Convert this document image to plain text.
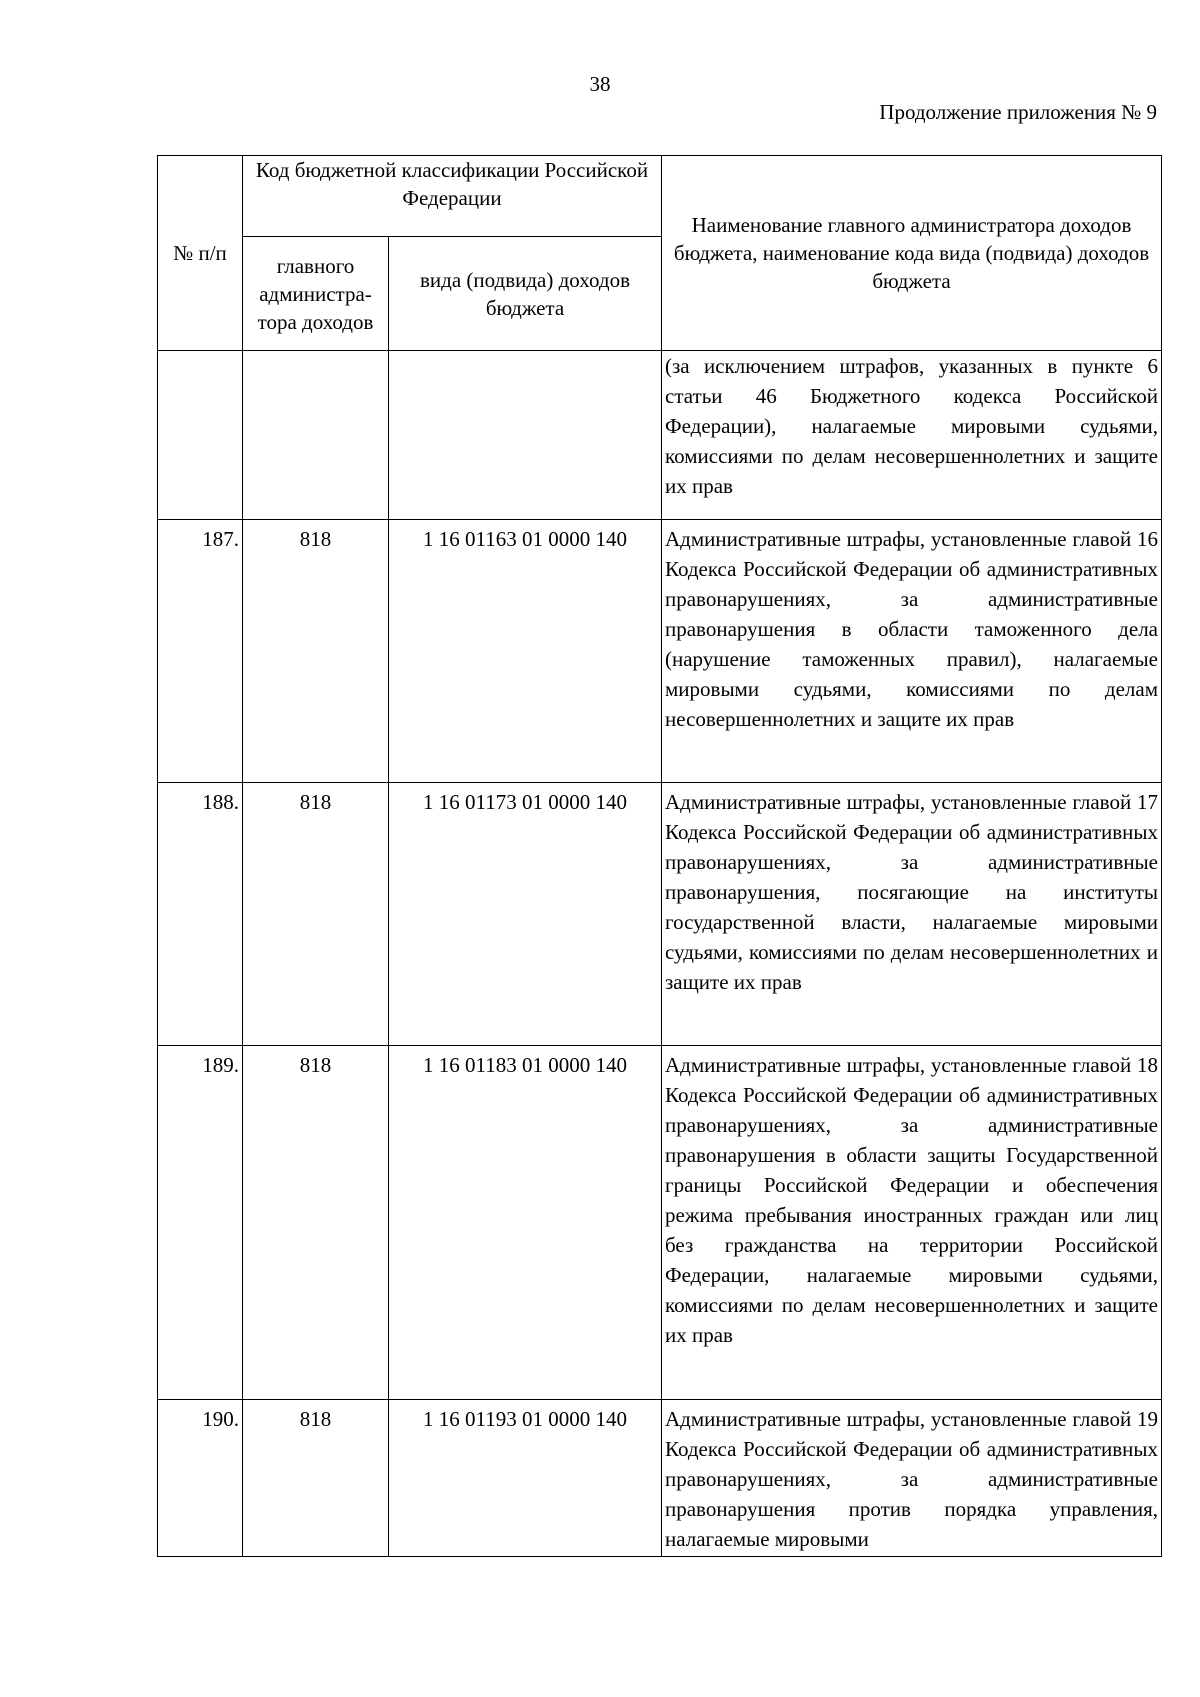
38
Продолжение приложения № 9
№ п/п	Код бюджетной классификации Российской Федерации		Наименование главного администратора доходов бюджета, наименование кода вида (подвида) доходов бюджета
	главного администра-тора доходов	вида (подвида) доходов бюджета	
			(за исключением штрафов, указанных в пункте 6 статьи 46 Бюджетного кодекса Российской Федерации), налагаемые мировыми судьями, комиссиями по делам несовершеннолетних и защите их прав
187.	818	1 16 01163 01 0000 140	Административные штрафы, установленные главой 16 Кодекса Российской Федерации об административных правонарушениях, за административные правонарушения в области таможенного дела (нарушение таможенных правил), налагаемые мировыми судьями, комиссиями по делам несовершеннолетних и защите их прав
188.	818	1 16 01173 01 0000 140	Административные штрафы, установленные главой 17 Кодекса Российской Федерации об административных правонарушениях, за административные правонарушения, посягающие на институты государственной власти, налагаемые мировыми судьями, комиссиями по делам несовершеннолетних и защите их прав
189.	818	1 16 01183 01 0000 140	Административные штрафы, установленные главой 18 Кодекса Российской Федерации об административных правонарушениях, за административные правонарушения в области защиты Государственной границы Российской Федерации и обеспечения режима пребывания иностранных граждан или лиц без гражданства на территории Российской Федерации, налагаемые мировыми судьями, комиссиями по делам несовершеннолетних и защите их прав
190.	818	1 16 01193 01 0000 140	Административные штрафы, установленные главой 19 Кодекса Российской Федерации об административных правонарушениях, за административные правонарушения против порядка управления, налагаемые мировыми
